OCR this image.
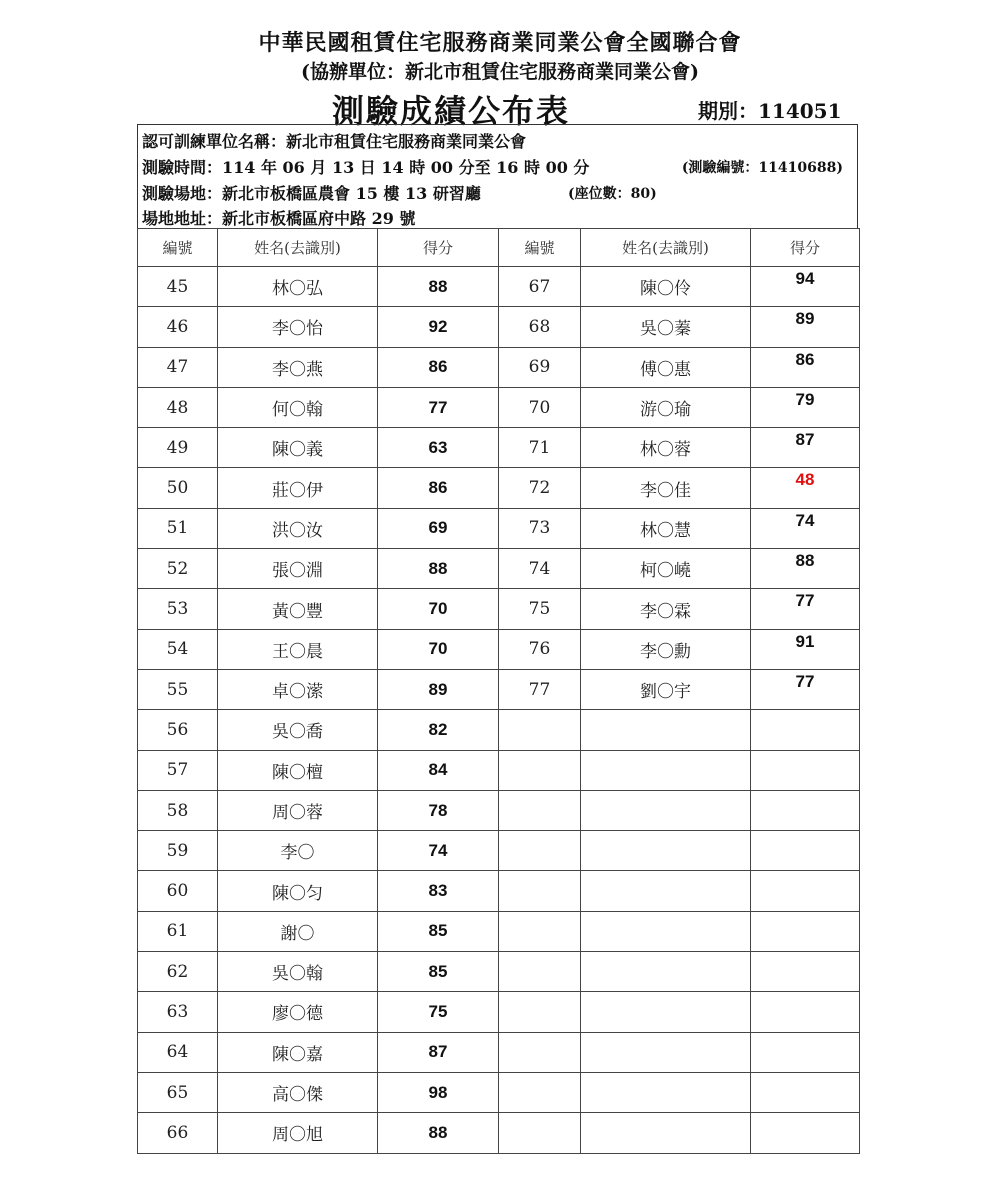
中華民國租賃住宅服務商業同業公會全國聯合會
(協辦單位：新北市租賃住宅服務商業同業公會)
測驗成績公布表	期別：114051
認可訓練單位名稱：新北市租賃住宅服務商業同業公會
測驗時間：114 年 06 月 13 日 14 時 00 分至 16 時 00 分	(測驗編號：11410688)
測驗場地：新北市板橋區農會 15 樓 13 研習廳	(座位數：80)
場地地址：新北市板橋區府中路 29 號
編號	姓名(去識別)	得分	編號	姓名(去識別)	得分
45	林〇弘	88	67	陳〇伶	94

46	李〇怡	92	68	吳〇蓁	89

47	李〇燕	86	69	傅〇惠	86

48	何〇翰	77	70	游〇瑜	79

49	陳〇義	63	71	林〇蓉	87

50	莊〇伊	86	72	李〇佳	48

51	洪〇汝	69	73	林〇慧	74

52	張〇淵	88	74	柯〇嶢	88

53	黃〇豐	70	75	李〇霖	77

54	王〇晨	70	76	李〇勳	91

55	卓〇潆	89	77	劉〇宇	77

56	吳〇喬	82			
57	陳〇檀	84			
58	周〇蓉	78			
59	李〇	74			
60	陳〇匀	83			
61	謝〇	85			
62	吳〇翰	85			
63	廖〇德	75			
64	陳〇嘉	87			
65	高〇傑	98			
66	周〇旭	88			
